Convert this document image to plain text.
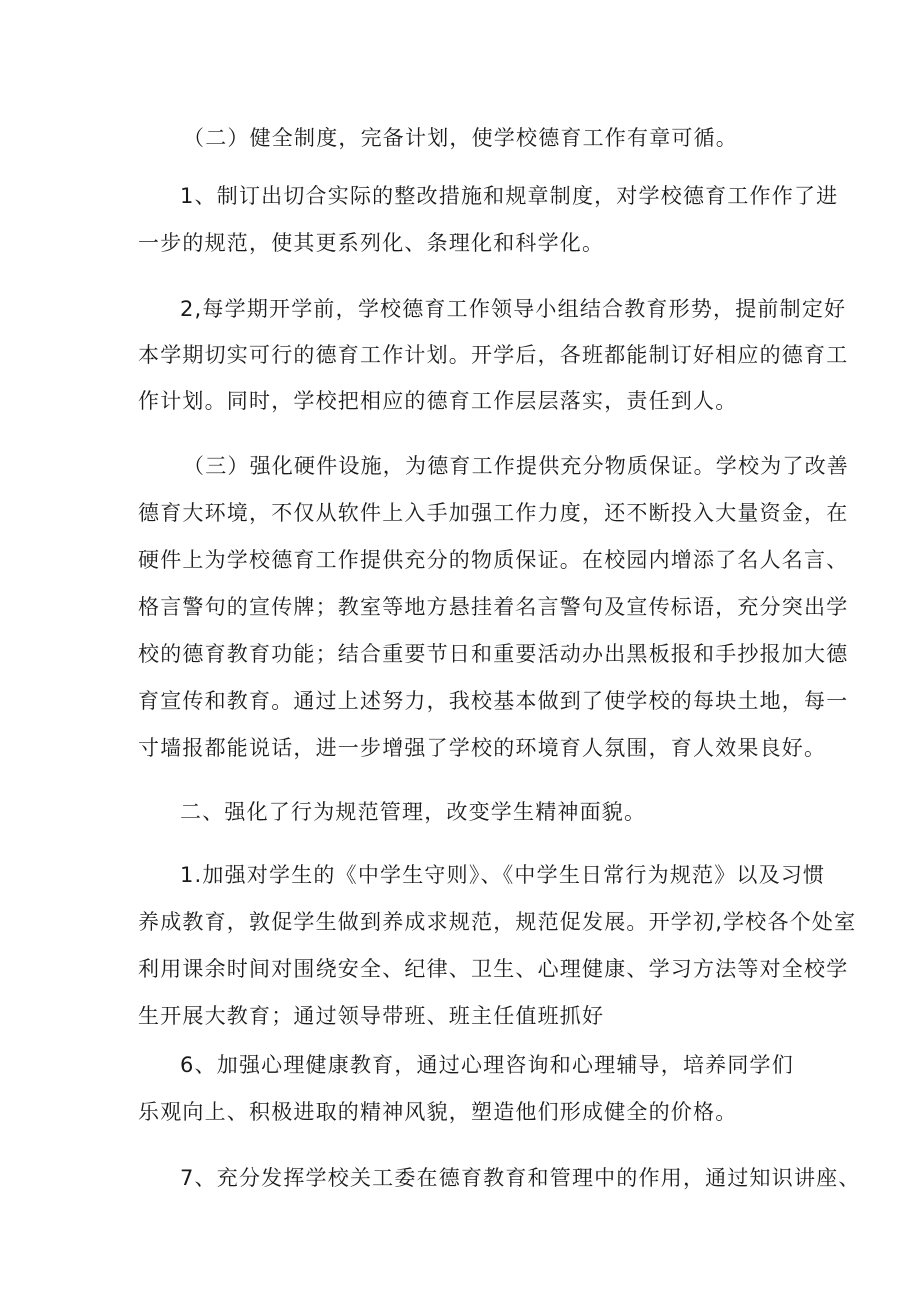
（二）健全制度，完备计划，使学校德育工作有章可循。
1、制订出切合实际的整改措施和规章制度，对学校德育工作作了进
一步的规范，使其更系列化、条理化和科学化。
2,每学期开学前，学校德育工作领导小组结合教育形势，提前制定好
本学期切实可行的德育工作计划。开学后，各班都能制订好相应的德育工
作计划。同时，学校把相应的德育工作层层落实，责任到人。
（三）强化硬件设施，为德育工作提供充分物质保证。学校为了改善
德育大环境，不仅从软件上入手加强工作力度，还不断投入大量资金，在
硬件上为学校德育工作提供充分的物质保证。在校园内增添了名人名言、
格言警句的宣传牌；教室等地方悬挂着名言警句及宣传标语，充分突出学
校的德育教育功能；结合重要节日和重要活动办出黑板报和手抄报加大德
育宣传和教育。通过上述努力，我校基本做到了使学校的每块土地，每一
寸墙报都能说话，进一步增强了学校的环境育人氛围，育人效果良好。
二、强化了行为规范管理，改变学生精神面貌。
1.加强对学生的《中学生守则》、《中学生日常行为规范》以及习惯
养成教育，敦促学生做到养成求规范，规范促发展。开学初,学校各个处室
利用课余时间对围绕安全、纪律、卫生、心理健康、学习方法等对全校学
生开展大教育；通过领导带班、班主任值班抓好
6、加强心理健康教育，通过心理咨询和心理辅导，培养同学们
乐观向上、积极进取的精神风貌，塑造他们形成健全的价格。
7、充分发挥学校关工委在德育教育和管理中的作用，通过知识讲座、
